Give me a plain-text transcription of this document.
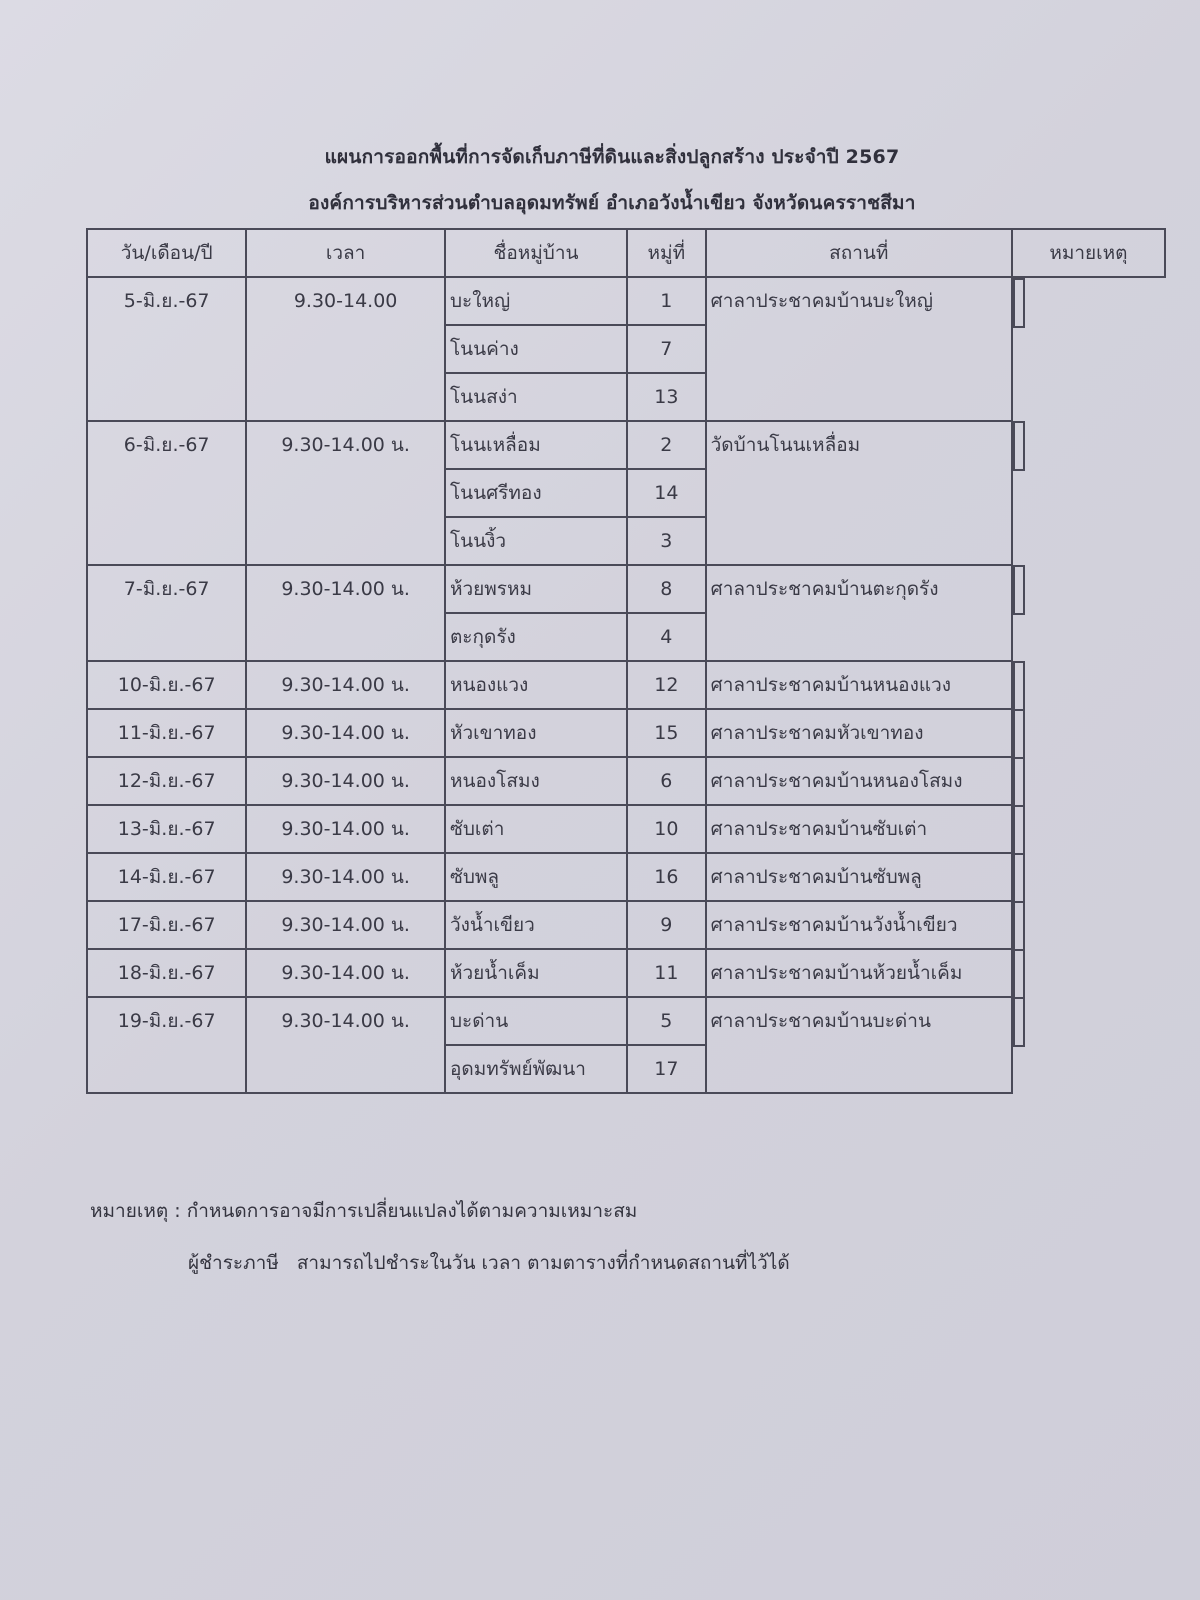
แผนการออกพื้นที่การจัดเก็บภาษีที่ดินและสิ่งปลูกสร้าง ประจำปี 2567
องค์การบริหารส่วนตำบลอุดมทรัพย์ อำเภอวังน้ำเขียว จังหวัดนครราชสีมา
วัน/เดือน/ปี	เวลา	ชื่อหมู่บ้าน	หมู่ที่	สถานที่	หมายเหตุ
5-มิ.ย.-67	9.30-14.00	บะใหญ่	1	ศาลาประชาคมบ้านบะใหญ่	

		โนนค่าง	7		
		โนนสง่า	13		
6-มิ.ย.-67	9.30-14.00 น.	โนนเหลื่อม	2	วัดบ้านโนนเหลื่อม	

		โนนศรีทอง	14		
		โนนงิ้ว	3		
7-มิ.ย.-67	9.30-14.00 น.	ห้วยพรหม	8	ศาลาประชาคมบ้านตะกุดรัง	

		ตะกุดรัง	4		
10-มิ.ย.-67	9.30-14.00 น.	หนองแวง	12	ศาลาประชาคมบ้านหนองแวง	

11-มิ.ย.-67	9.30-14.00 น.	หัวเขาทอง	15	ศาลาประชาคมหัวเขาทอง	

12-มิ.ย.-67	9.30-14.00 น.	หนองโสมง	6	ศาลาประชาคมบ้านหนองโสมง	

13-มิ.ย.-67	9.30-14.00 น.	ซับเต่า	10	ศาลาประชาคมบ้านซับเต่า	

14-มิ.ย.-67	9.30-14.00 น.	ซับพลู	16	ศาลาประชาคมบ้านซับพลู	

17-มิ.ย.-67	9.30-14.00 น.	วังน้ำเขียว	9	ศาลาประชาคมบ้านวังน้ำเขียว	

18-มิ.ย.-67	9.30-14.00 น.	ห้วยน้ำเค็ม	11	ศาลาประชาคมบ้านห้วยน้ำเค็ม	

19-มิ.ย.-67	9.30-14.00 น.	บะด่าน	5	ศาลาประชาคมบ้านบะด่าน	

		อุดมทรัพย์พัฒนา	17		
หมายเหตุ : กำหนดการอาจมีการเปลี่ยนแปลงได้ตามความเหมาะสม
ผู้ชำระภาษี สามารถไปชำระในวัน เวลา ตามตารางที่กำหนดสถานที่ไว้ได้
